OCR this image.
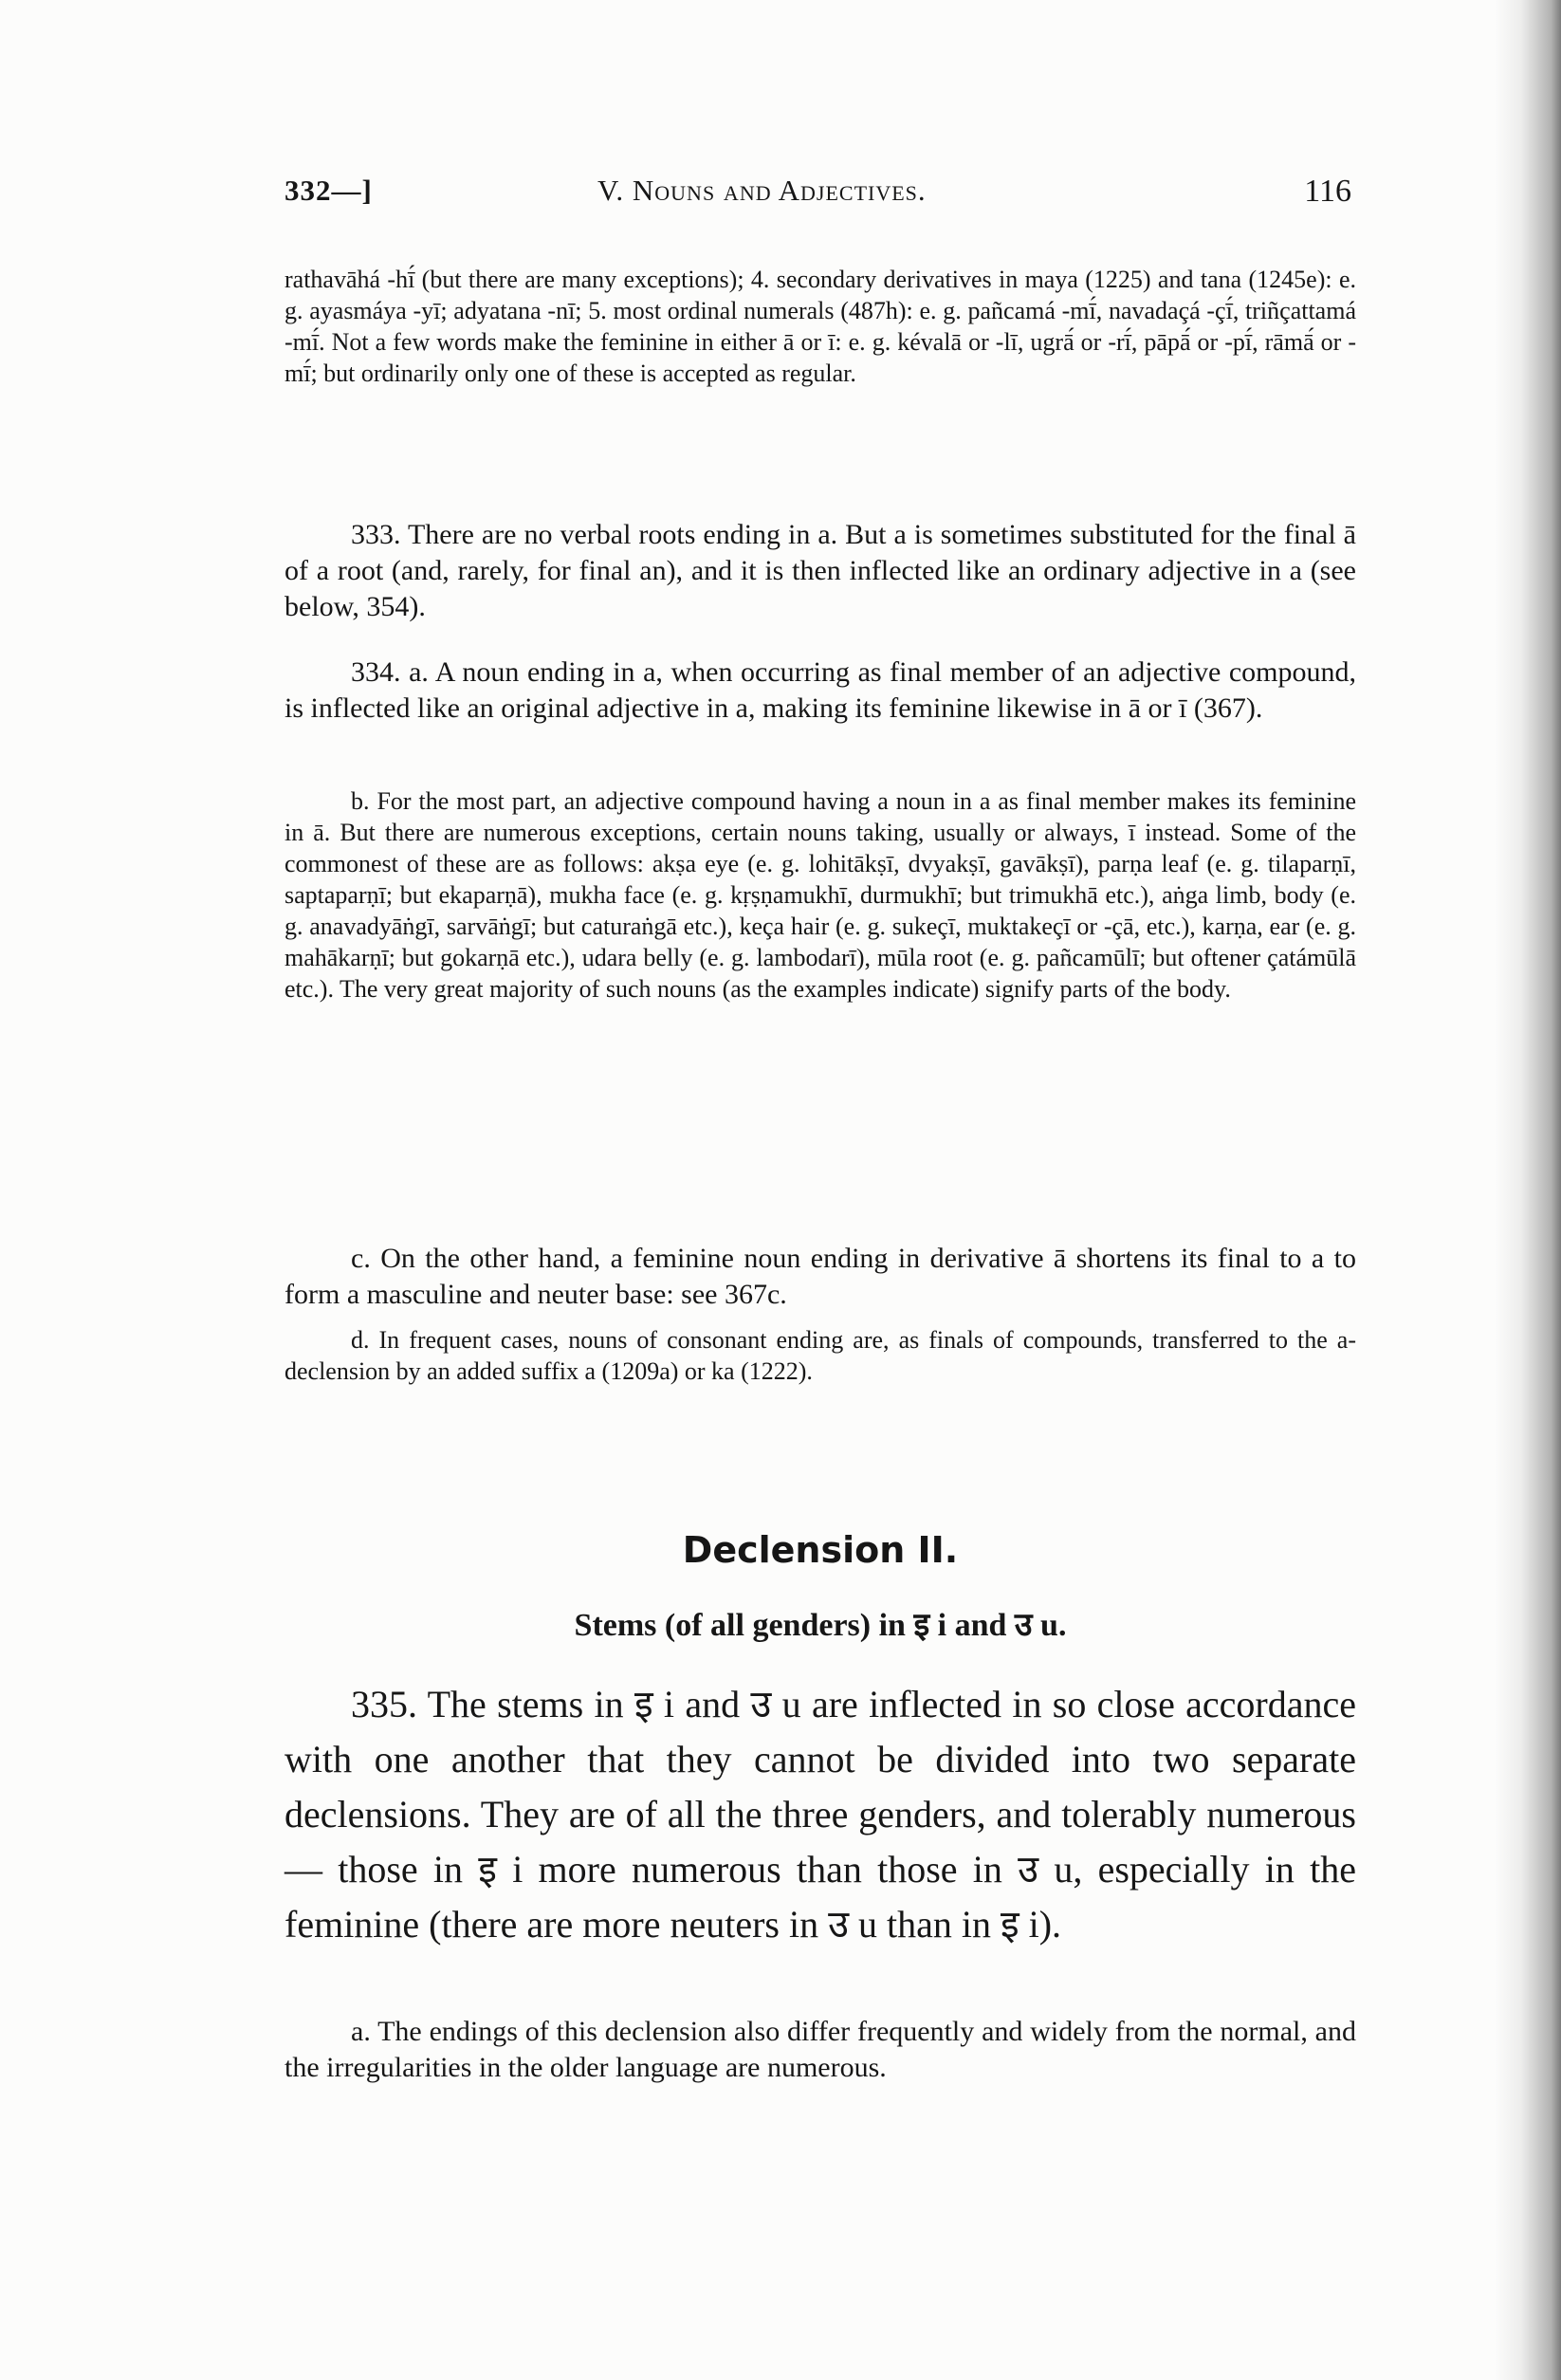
332—]	V. Nouns and Adjectives.	116

rathavāhá -hī́ (but there are many exceptions); 4. secondary derivatives in maya (1225) and tana (1245e): e. g. ayasmáya -yī; adyatana -nī; 5. most ordinal numerals (487h): e. g. pañcamá -mī́, navadaçá -çī́, triñçattamá -mī́. Not a few words make the feminine in either ā or ī: e. g. kévalā or -lī, ugrā́ or -rī́, pāpā́ or -pī́, rāmā́ or -mī́; but ordinarily only one of these is accepted as regular.

333. There are no verbal roots ending in a. But a is sometimes substituted for the final ā of a root (and, rarely, for final an), and it is then inflected like an ordinary adjective in a (see below, 354).

334. a. A noun ending in a, when occurring as final member of an adjective compound, is inflected like an original adjective in a, making its feminine likewise in ā or ī (367).

b. For the most part, an adjective compound having a noun in a as final member makes its feminine in ā. But there are numerous exceptions, certain nouns taking, usually or always, ī instead. Some of the commonest of these are as follows: akṣa eye (e. g. lohitākṣī, dvyakṣī, gavākṣī), parṇa leaf (e. g. tilaparṇī, saptaparṇī; but ekaparṇā), mukha face (e. g. kṛṣṇamukhī, durmukhī; but trimukhā etc.), aṅga limb, body (e. g. anavadyāṅgī, sarvāṅgī; but caturaṅgā etc.), keça hair (e. g. sukeçī, muktakeçī or -çā, etc.), karṇa, ear (e. g. mahākarṇī; but gokarṇā etc.), udara belly (e. g. lambodarī), mūla root (e. g. pañcamūlī; but oftener çatámūlā etc.). The very great majority of such nouns (as the examples indicate) signify parts of the body.

c. On the other hand, a feminine noun ending in derivative ā shortens its final to a to form a masculine and neuter base: see 367c.

d. In frequent cases, nouns of consonant ending are, as finals of compounds, transferred to the a-declension by an added suffix a (1209a) or ka (1222).

Declension II.
Stems (of all genders) in इ i and उ u.

335. The stems in इ i and उ u are inflected in so close accordance with one another that they cannot be divided into two separate declensions. They are of all the three genders, and tolerably numerous — those in इ i more numerous than those in उ u, especially in the feminine (there are more neuters in उ u than in इ i).

a. The endings of this declension also differ frequently and widely from the normal, and the irregularities in the older language are numerous.
